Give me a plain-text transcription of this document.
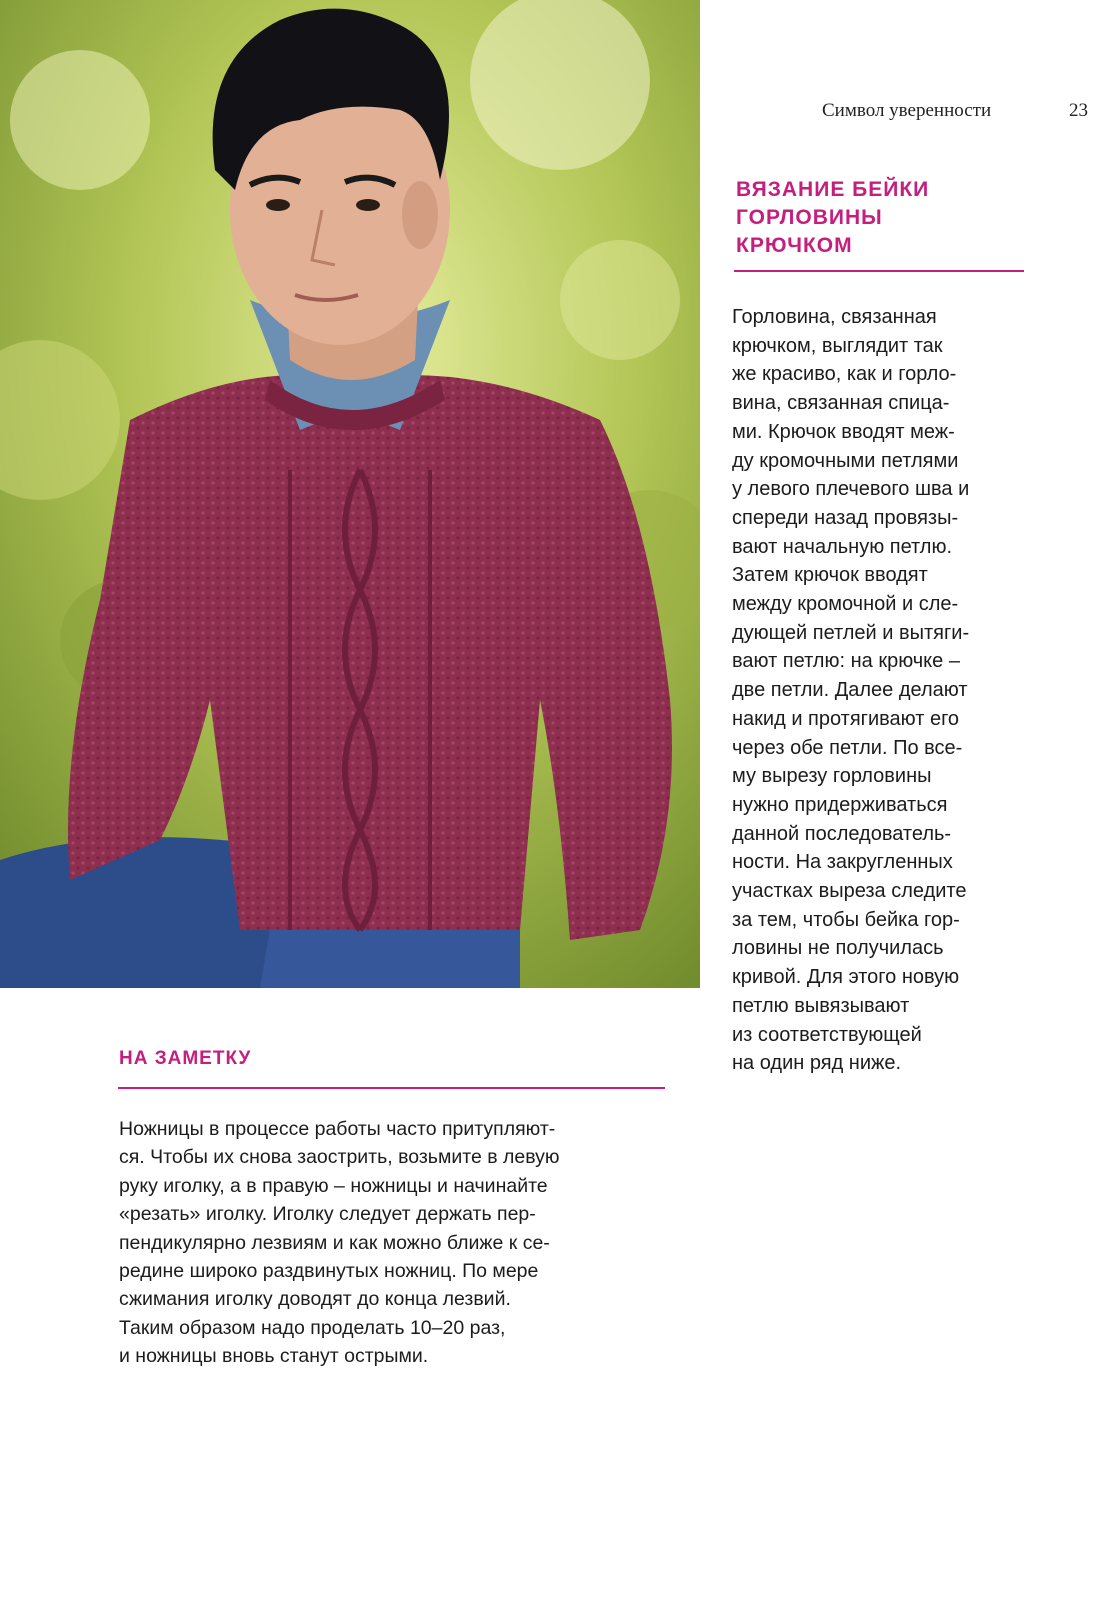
Символ уверенности	23
ВЯЗАНИЕ БЕЙКИ
ГОРЛОВИНЫ
КРЮЧКОМ

Горловина, связанная
крючком, выглядит так
же красиво, как и горло-
вина, связанная спица-
ми. Крючок вводят меж-
ду кромочными петлями
у левого плечевого шва и
спереди назад провязы-
вают начальную петлю.
Затем крючок вводят
между кромочной и сле-
дующей петлей и вытяги-
вают петлю: на крючке –
две петли. Далее делают
накид и протягивают его
через обе петли. По все-
му вырезу горловины
нужно придерживаться
данной последователь-
ности. На закругленных
участках выреза следите
за тем, чтобы бейка гор-
ловины не получилась
кривой. Для этого новую
петлю вывязывают
из соответствующей
на один ряд ниже.

НА ЗАМЕТКУ

Ножницы в процессе работы часто притупляют-
ся. Чтобы их снова заострить, возьмите в левую
руку иголку, а в правую – ножницы и начинайте
«резать» иголку. Иголку следует держать пер-
пендикулярно лезвиям и как можно ближе к се-
редине широко раздвинутых ножниц. По мере
сжимания иголку доводят до конца лезвий.
Таким образом надо проделать 10–20 раз,
и ножницы вновь станут острыми.
